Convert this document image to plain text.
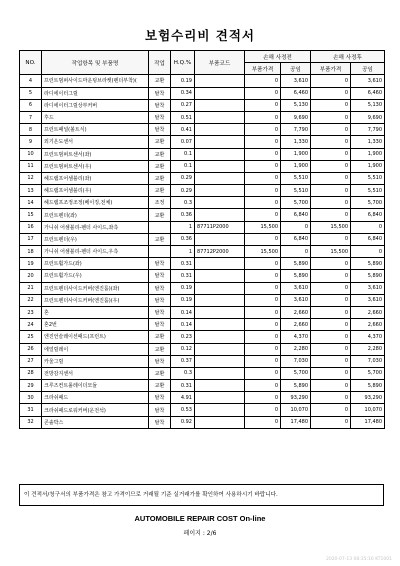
보험수리비 견적서
NO.	작업항목 및 부품명	작업	H.Q.%	부품코드	손해 사정전		손해 사정후	
					부품가격	공임	부품가격	공임
4	프런트범퍼사이드마운팅브라켓(펜더부착)(	교환	0.19		0	3,610	0	3,610
5	라디에이터그릴	탈착	0.34		0	6,460	0	6,460
6	라디에이터그릴상부커버	탈착	0.27		0	5,130	0	5,130
7	후드	탈착	0.51		0	9,690	0	9,690
8	프런트패널(볼트식)	탈착	0.41		0	7,790	0	7,790
9	외기온도센서	교환	0.07		0	1,330	0	1,330
10	프런트범퍼트센서(좌)	교환	0.1		0	1,900	0	1,900
11	프런트범퍼트센서(우)	교환	0.1		0	1,900	0	1,900
12	헤드램프어셈블리(좌)	교환	0.29		0	5,510	0	5,510
13	헤드램프어셈블리(우)	교환	0.29		0	5,510	0	5,510
14	헤드램프조정조정(베이징,전체)	조정	0.3		0	5,700	0	5,700
15	프런트펜더(좌)	교환	0.36		0	6,840	0	6,840
16	가니쉬 어셈블리-펜더 사이드,좌측		1	87711P2000	15,500	0	15,500	0
17	프런트펜더(우)	교환	0.36		0	6,840	0	6,840
18	가니쉬 어셈블리-펜더 사이드,우측		1	87712P2000	15,500	0	15,500	0
19	프런트휠가드(좌)	탈착	0.31		0	5,890	0	5,890
20	프런트휠가드(우)	탈착	0.31		0	5,890	0	5,890
21	프런트펜더사이드커버(엔진룸)(좌)	탈착	0.19		0	3,610	0	3,610
22	프런트펜더사이드커버(엔진룸)(우)	탈착	0.19		0	3,610	0	3,610
23	혼	탈착	0.14		0	2,660	0	2,660
24	혼2번	탈착	0.14		0	2,660	0	2,660
25	엔진언슬레이션패드(프런트)	교환	0.23		0	4,370	0	4,370
26	에얼릴레이	교환	0.12		0	2,280	0	2,280
27	카울그릴	탈착	0.37		0	7,030	0	7,030
28	전방감지센서	교환	0.3		0	5,700	0	5,700
29	크루즈컨트롤레이더모듈	교환	0.31		0	5,890	0	5,890
30	크라쉬패드	탈착	4.91		0	93,290	0	93,290
31	크라쉬패드로워커버(운전석)	탈착	0.53		0	10,070	0	10,070
32	콘솔박스	탈착	0.92		0	17,480	0	17,480
이 견적서/청구서의 부품가격은 참고 가격이므로 거래될 기준 실거래가를 확인하여 사용하시기 바랍니다.
AUTOMOBILE REPAIR COST On-line
페이지 : 2/6
2020-07-13 08:35:16 KT1001
